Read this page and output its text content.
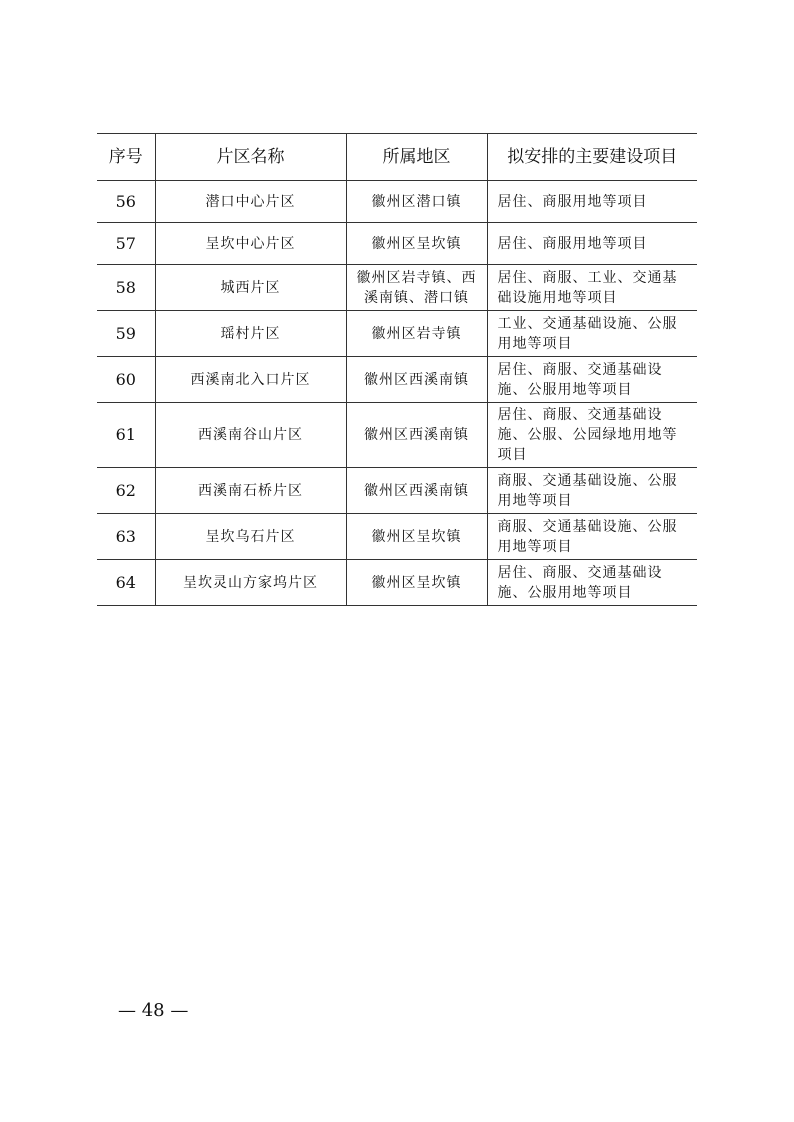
序号	片区名称	所属地区	拟安排的主要建设项目
56	潜口中心片区	徽州区潜口镇	居住、商服用地等项目
57	呈坎中心片区	徽州区呈坎镇	居住、商服用地等项目
58	城西片区	徽州区岩寺镇、西溪南镇、潜口镇	居住、商服、工业、交通基础设施用地等项目
59	瑶村片区	徽州区岩寺镇	工业、交通基础设施、公服用地等项目
60	西溪南北入口片区	徽州区西溪南镇	居住、商服、交通基础设施、公服用地等项目
61	西溪南谷山片区	徽州区西溪南镇	居住、商服、交通基础设施、公服、公园绿地用地等项目
62	西溪南石桥片区	徽州区西溪南镇	商服、交通基础设施、公服用地等项目
63	呈坎乌石片区	徽州区呈坎镇	商服、交通基础设施、公服用地等项目
64	呈坎灵山方家坞片区	徽州区呈坎镇	居住、商服、交通基础设施、公服用地等项目
— 48 —
